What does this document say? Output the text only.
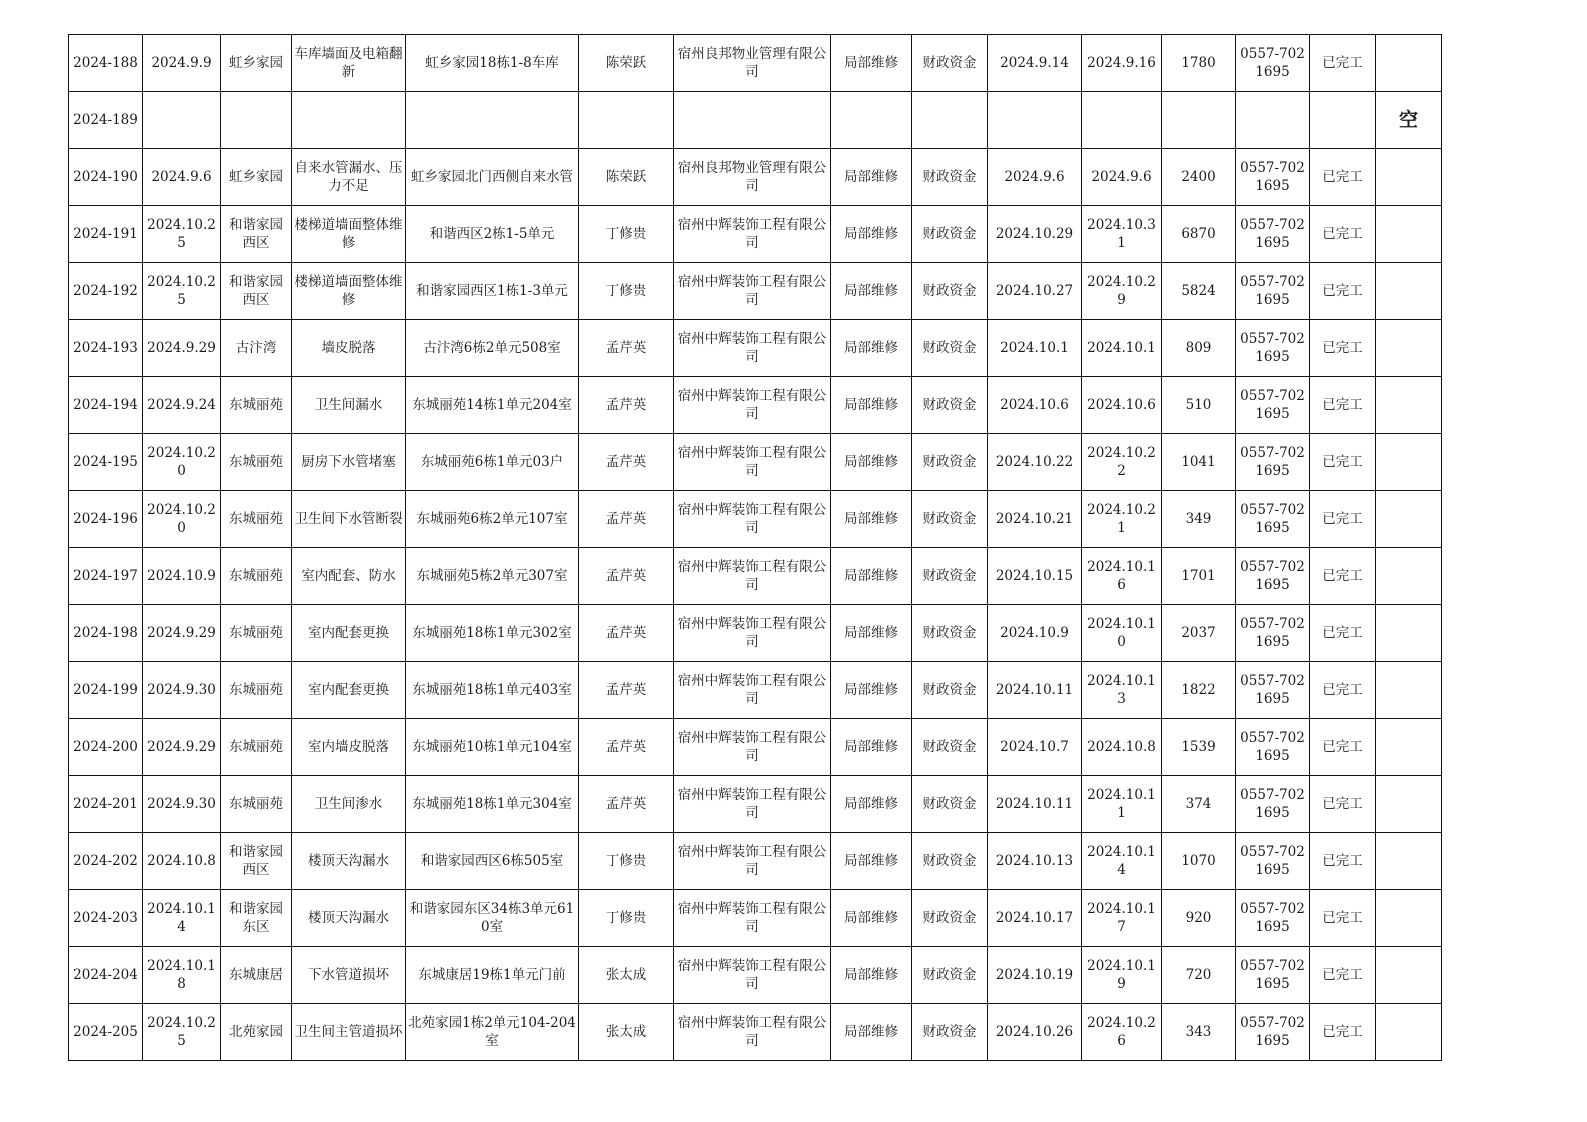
2024-188	2024.9.9	虹乡家园	车库墙面及电箱翻新	虹乡家园18栋1-8车库	陈荣跃	宿州良邦物业管理有限公司	局部维修	财政资金	2024.9.14	2024.9.16	1780	0557-7021695	已完工	
2024-189														空
2024-190	2024.9.6	虹乡家园	自来水管漏水、压力不足	虹乡家园北门西侧自来水管	陈荣跃	宿州良邦物业管理有限公司	局部维修	财政资金	2024.9.6	2024.9.6	2400	0557-7021695	已完工	
2024-191	2024.10.25	和谐家园西区	楼梯道墙面整体维修	和谐西区2栋1-5单元	丁修贵	宿州中辉装饰工程有限公司	局部维修	财政资金	2024.10.29	2024.10.31	6870	0557-7021695	已完工	
2024-192	2024.10.25	和谐家园西区	楼梯道墙面整体维修	和谐家园西区1栋1-3单元	丁修贵	宿州中辉装饰工程有限公司	局部维修	财政资金	2024.10.27	2024.10.29	5824	0557-7021695	已完工	
2024-193	2024.9.29	古汴湾	墙皮脱落	古汴湾6栋2单元508室	孟芹英	宿州中辉装饰工程有限公司	局部维修	财政资金	2024.10.1	2024.10.1	809	0557-7021695	已完工	
2024-194	2024.9.24	东城丽苑	卫生间漏水	东城丽苑14栋1单元204室	孟芹英	宿州中辉装饰工程有限公司	局部维修	财政资金	2024.10.6	2024.10.6	510	0557-7021695	已完工	
2024-195	2024.10.20	东城丽苑	厨房下水管堵塞	东城丽苑6栋1单元03户	孟芹英	宿州中辉装饰工程有限公司	局部维修	财政资金	2024.10.22	2024.10.22	1041	0557-7021695	已完工	
2024-196	2024.10.20	东城丽苑	卫生间下水管断裂	东城丽苑6栋2单元107室	孟芹英	宿州中辉装饰工程有限公司	局部维修	财政资金	2024.10.21	2024.10.21	349	0557-7021695	已完工	
2024-197	2024.10.9	东城丽苑	室内配套、防水	东城丽苑5栋2单元307室	孟芹英	宿州中辉装饰工程有限公司	局部维修	财政资金	2024.10.15	2024.10.16	1701	0557-7021695	已完工	
2024-198	2024.9.29	东城丽苑	室内配套更换	东城丽苑18栋1单元302室	孟芹英	宿州中辉装饰工程有限公司	局部维修	财政资金	2024.10.9	2024.10.10	2037	0557-7021695	已完工	
2024-199	2024.9.30	东城丽苑	室内配套更换	东城丽苑18栋1单元403室	孟芹英	宿州中辉装饰工程有限公司	局部维修	财政资金	2024.10.11	2024.10.13	1822	0557-7021695	已完工	
2024-200	2024.9.29	东城丽苑	室内墙皮脱落	东城丽苑10栋1单元104室	孟芹英	宿州中辉装饰工程有限公司	局部维修	财政资金	2024.10.7	2024.10.8	1539	0557-7021695	已完工	
2024-201	2024.9.30	东城丽苑	卫生间渗水	东城丽苑18栋1单元304室	孟芹英	宿州中辉装饰工程有限公司	局部维修	财政资金	2024.10.11	2024.10.11	374	0557-7021695	已完工	
2024-202	2024.10.8	和谐家园西区	楼顶天沟漏水	和谐家园西区6栋505室	丁修贵	宿州中辉装饰工程有限公司	局部维修	财政资金	2024.10.13	2024.10.14	1070	0557-7021695	已完工	
2024-203	2024.10.14	和谐家园东区	楼顶天沟漏水	和谐家园东区34栋3单元610室	丁修贵	宿州中辉装饰工程有限公司	局部维修	财政资金	2024.10.17	2024.10.17	920	0557-7021695	已完工	
2024-204	2024.10.18	东城康居	下水管道损坏	东城康居19栋1单元门前	张太成	宿州中辉装饰工程有限公司	局部维修	财政资金	2024.10.19	2024.10.19	720	0557-7021695	已完工	
2024-205	2024.10.25	北苑家园	卫生间主管道损坏	北苑家园1栋2单元104-204室	张太成	宿州中辉装饰工程有限公司	局部维修	财政资金	2024.10.26	2024.10.26	343	0557-7021695	已完工	
